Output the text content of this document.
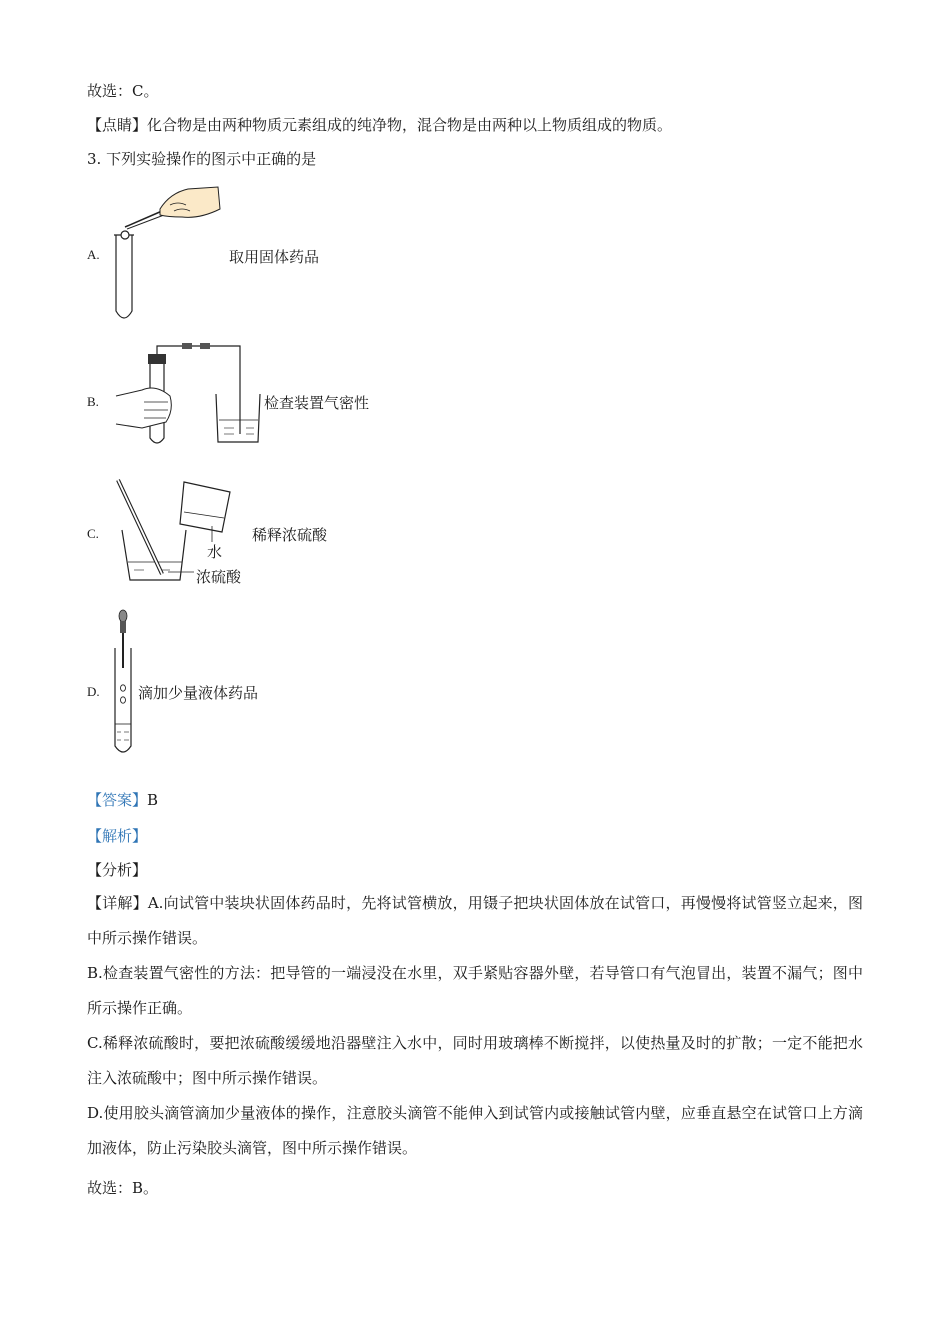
故选：C。
【点睛】化合物是由两种物质元素组成的纯净物，混合物是由两种以上物质组成的物质。
3. 下列实验操作的图示中正确的是
A.	取用固体药品
B.	检查装置气密性
水
浓硫酸
C.	稀释浓硫酸
D.	滴加少量液体药品
【答案】B
【解析】
【分析】
【详解】A.向试管中装块状固体药品时，先将试管横放，用镊子把块状固体放在试管口，再慢慢将试管竖立起来，图中所示操作错误。
B.检查装置气密性的方法：把导管的一端浸没在水里，双手紧贴容器外壁，若导管口有气泡冒出，装置不漏气；图中所示操作正确。
C.稀释浓硫酸时，要把浓硫酸缓缓地沿器壁注入水中，同时用玻璃棒不断搅拌，以使热量及时的扩散；一定不能把水注入浓硫酸中；图中所示操作错误。
D.使用胶头滴管滴加少量液体的操作，注意胶头滴管不能伸入到试管内或接触试管内壁，应垂直悬空在试管口上方滴加液体，防止污染胶头滴管，图中所示操作错误。
故选：B。
